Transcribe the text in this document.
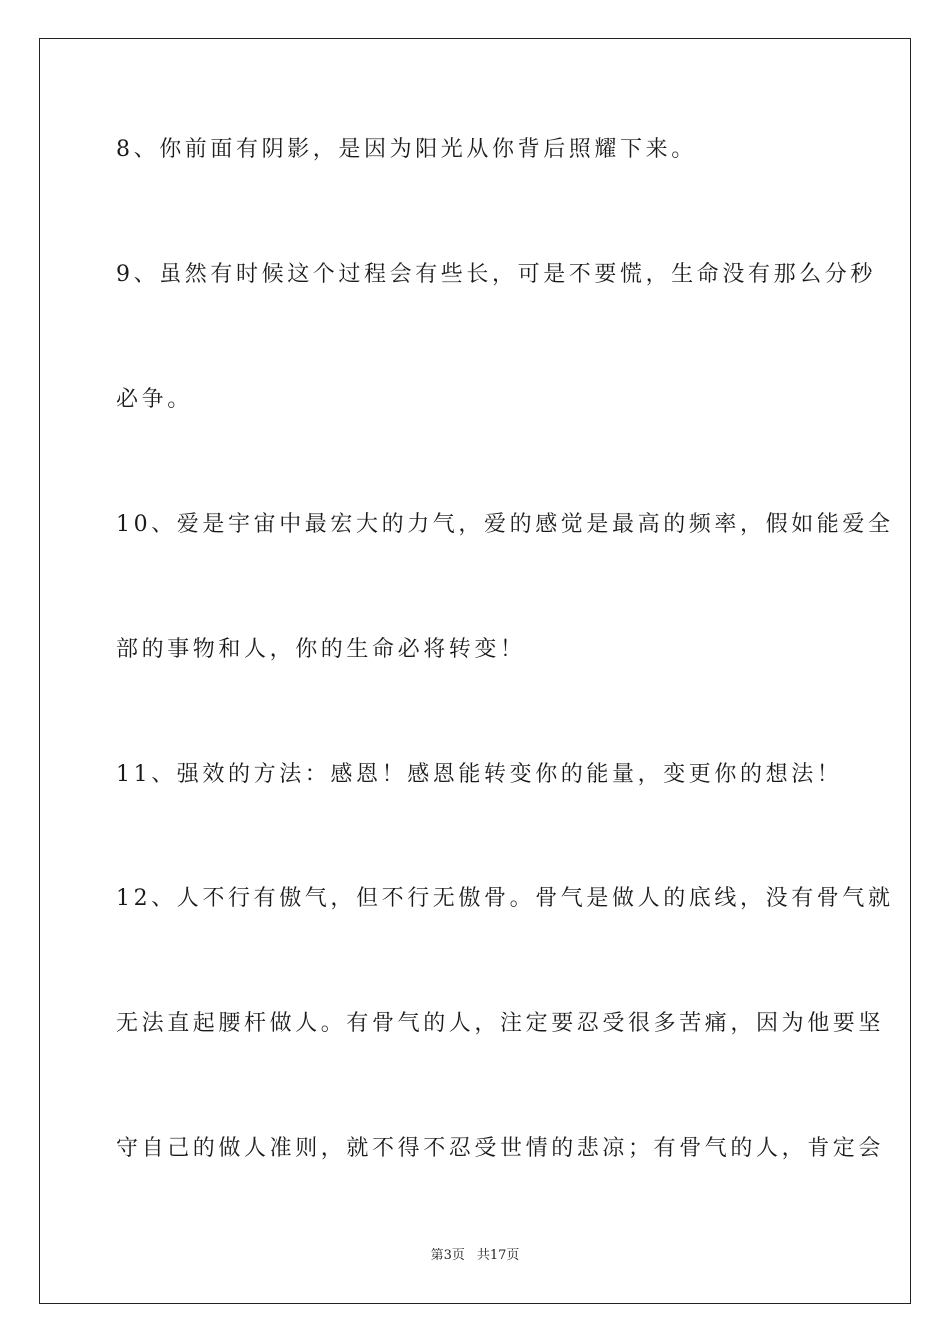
8、你前面有阴影，是因为阳光从你背后照耀下来。

9、虽然有时候这个过程会有些长，可是不要慌，生命没有那么分秒

必争。

10、爱是宇宙中最宏大的力气，爱的感觉是最高的频率，假如能爱全

部的事物和人，你的生命必将转变！

11、强效的方法：感恩！感恩能转变你的能量，变更你的想法！

12、人不行有傲气，但不行无傲骨。骨气是做人的底线，没有骨气就

无法直起腰杆做人。有骨气的人，注定要忍受很多苦痛，因为他要坚

守自己的做人准则，就不得不忍受世情的悲凉；有骨气的人，肯定会

第3页 共17页
